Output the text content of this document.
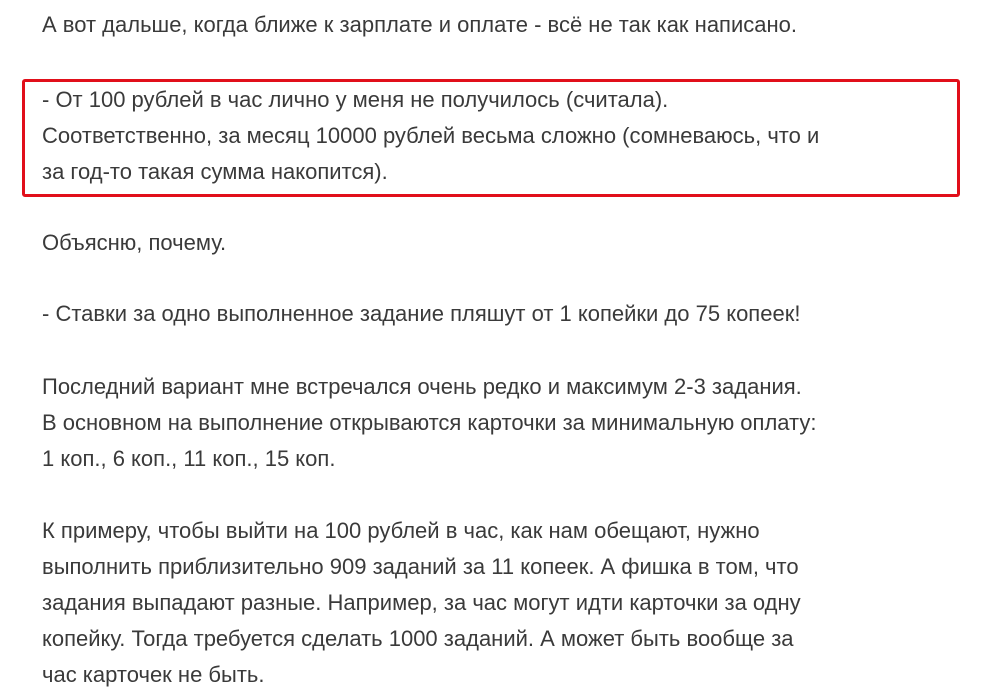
А вот дальше, когда ближе к зарплате и оплате - всё не так как написано.

- От 100 рублей в час лично у меня не получилось (считала).
Соответственно, за месяц 10000 рублей весьма сложно (сомневаюсь, что и
за год-то такая сумма накопится).

Объясню, почему.

- Ставки за одно выполненное задание пляшут от 1 копейки до 75 копеек!

Последний вариант мне встречался очень редко и максимум 2-3 задания.
В основном на выполнение открываются карточки за минимальную оплату:
1 коп., 6 коп., 11 коп., 15 коп.

К примеру, чтобы выйти на 100 рублей в час, как нам обещают, нужно
выполнить приблизительно 909 заданий за 11 копеек. А фишка в том, что
задания выпадают разные. Например, за час могут идти карточки за одну
копейку. Тогда требуется сделать 1000 заданий. А может быть вообще за
час карточек не быть.
